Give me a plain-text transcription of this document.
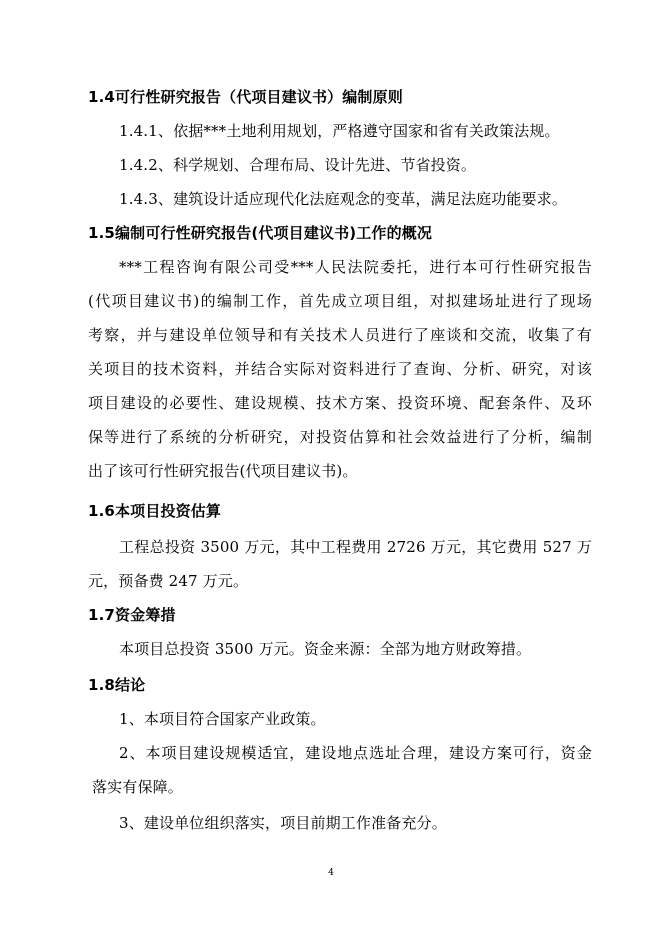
1.4可行性研究报告（代项目建议书）编制原则
1.4.1、依据***土地利用规划，严格遵守国家和省有关政策法规。
1.4.2、科学规划、合理布局、设计先进、节省投资。
1.4.3、建筑设计适应现代化法庭观念的变革，满足法庭功能要求。
1.5编制可行性研究报告(代项目建议书)工作的概况
***工程咨询有限公司受***人民法院委托，进行本可行性研究报告
(代项目建议书)的编制工作，首先成立项目组，对拟建场址进行了现场
考察，并与建设单位领导和有关技术人员进行了座谈和交流，收集了有
关项目的技术资料，并结合实际对资料进行了查询、分析、研究，对该
项目建设的必要性、建设规模、技术方案、投资环境、配套条件、及环
保等进行了系统的分析研究，对投资估算和社会效益进行了分析，编制
出了该可行性研究报告(代项目建议书)。
1.6本项目投资估算
工程总投资 3500 万元，其中工程费用 2726 万元，其它费用 527 万
元，预备费 247 万元。
1.7资金筹措
本项目总投资 3500 万元。资金来源：全部为地方财政筹措。
1.8结论
1、本项目符合国家产业政策。
2、本项目建设规模适宜，建设地点选址合理，建设方案可行，资金
落实有保障。
3、建设单位组织落实，项目前期工作准备充分。
4
